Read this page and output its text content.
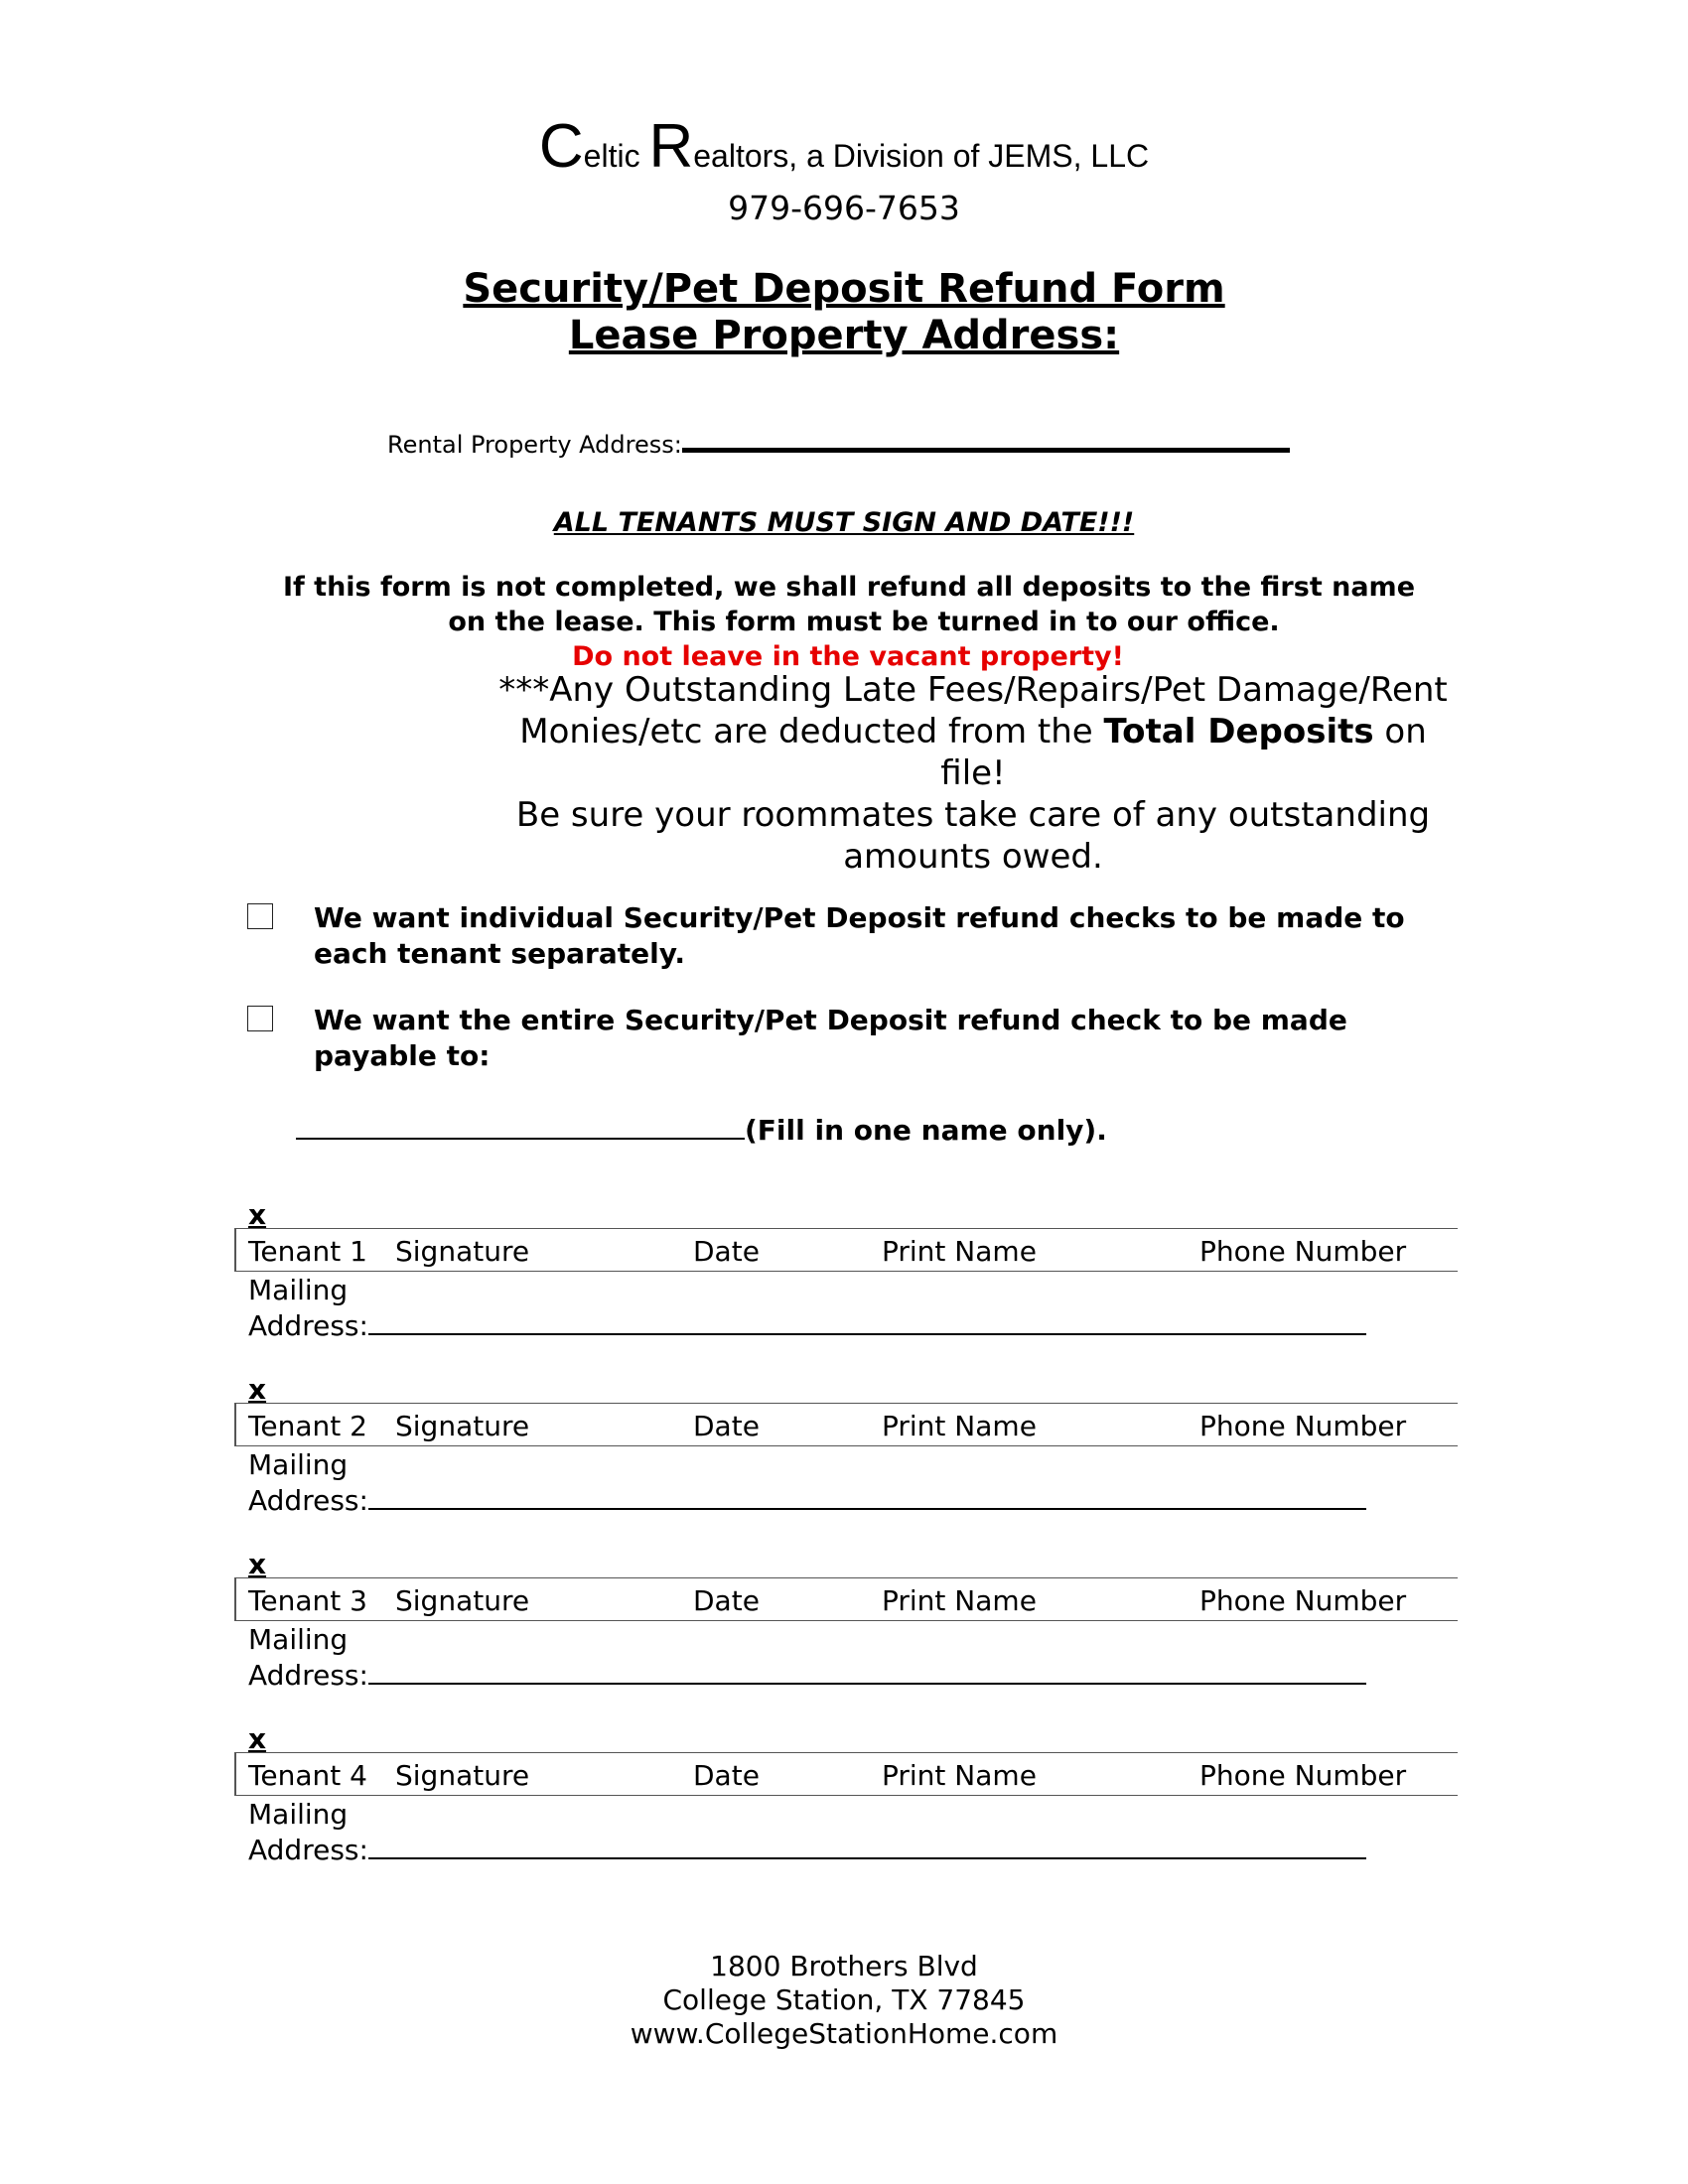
Celtic Realtors, a Division of JEMS, LLC
979-696-7653
Security/Pet Deposit Refund Form
Lease Property Address:
Rental Property Address:
ALL TENANTS MUST SIGN AND DATE!!!
If this form is not completed, we shall refund all deposits to the first name
on the lease. This form must be turned in to our office.
Do not leave in the vacant property!
***Any Outstanding Late Fees/Repairs/Pet Damage/Rent
Monies/etc are deducted from the Total Deposits on file!
Be sure your roommates take care of any outstanding
amounts owed.
We want individual Security/Pet Deposit refund checks to be made to each tenant separately.
We want the entire Security/Pet Deposit refund check to be made payable to:
(Fill in one name only).
x
Tenant 1 Signature	Date	Print Name	Phone Number
Mailing
Address:
x
Tenant 2 Signature	Date	Print Name	Phone Number
Mailing
Address:
x
Tenant 3 Signature	Date	Print Name	Phone Number
Mailing
Address:
x
Tenant 4 Signature	Date	Print Name	Phone Number
Mailing
Address:
1800 Brothers Blvd
College Station, TX 77845
www.CollegeStationHome.com
